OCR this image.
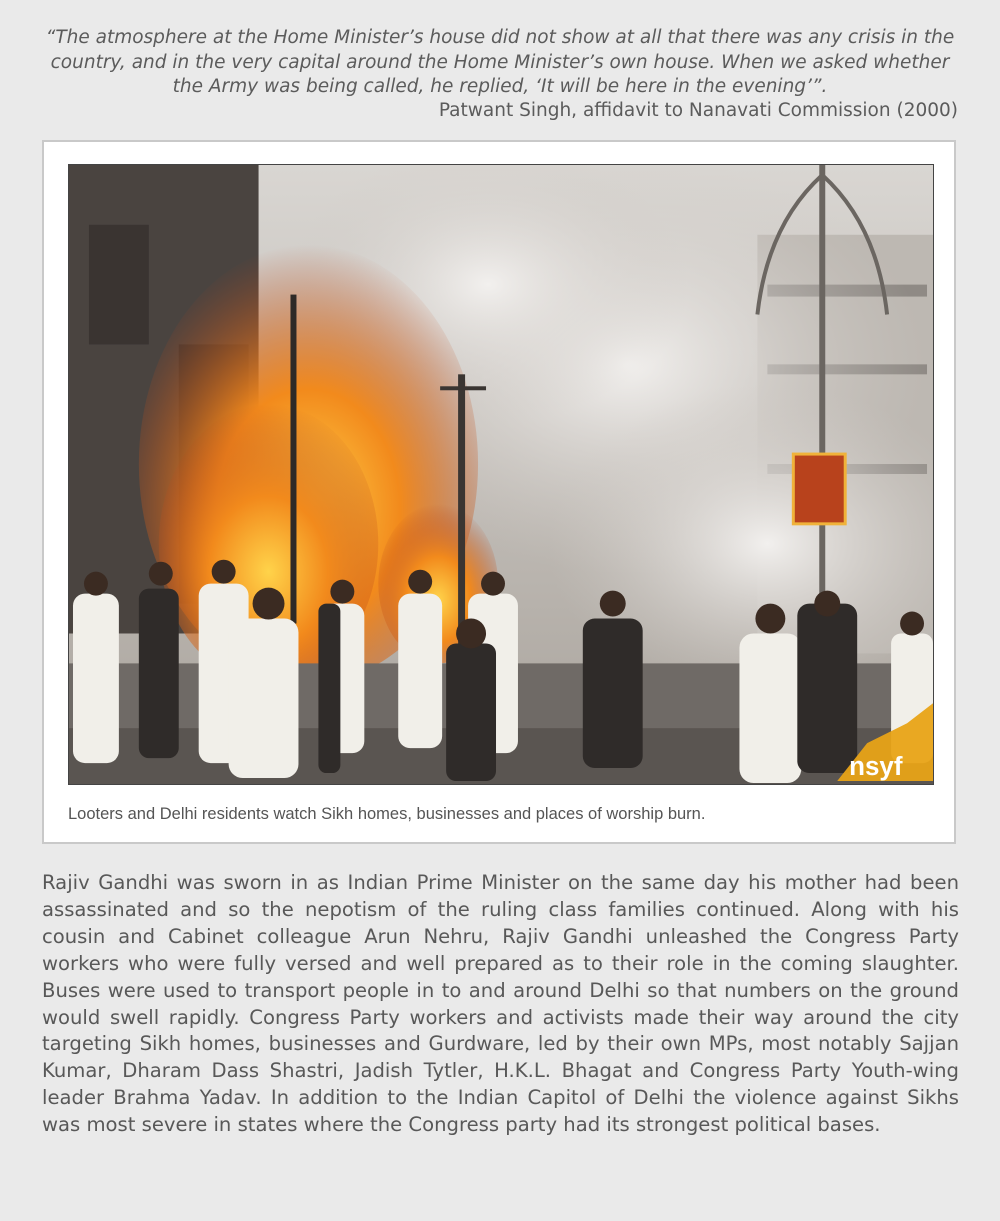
“The atmosphere at the Home Minister’s house did not show at all that there was any crisis in the country, and in the very capital around the Home Minister’s own house. When we asked whether the Army was being called, he replied, ‘It will be here in the evening’”.
Patwant Singh, affidavit to Nanavati Commission (2000)
nsyf
Looters and Delhi residents watch Sikh homes, businesses and places of worship burn.
Rajiv Gandhi was sworn in as Indian Prime Minister on the same day his mother had been assassinated and so the nepotism of the ruling class families continued. Along with his cousin and Cabinet colleague Arun Nehru, Rajiv Gandhi unleashed the Congress Party workers who were fully versed and well prepared as to their role in the coming slaughter. Buses were used to transport people in to and around Delhi so that numbers on the ground would swell rapidly. Congress Party workers and activists made their way around the city targeting Sikh homes, businesses and Gurdware, led by their own MPs, most notably Sajjan Kumar, Dharam Dass Shastri, Jadish Tytler, H.K.L. Bhagat and Congress Party Youth-wing leader Brahma Yadav. In addition to the Indian Capitol of Delhi the violence against Sikhs was most severe in states where the Congress party had its strongest political bases.
